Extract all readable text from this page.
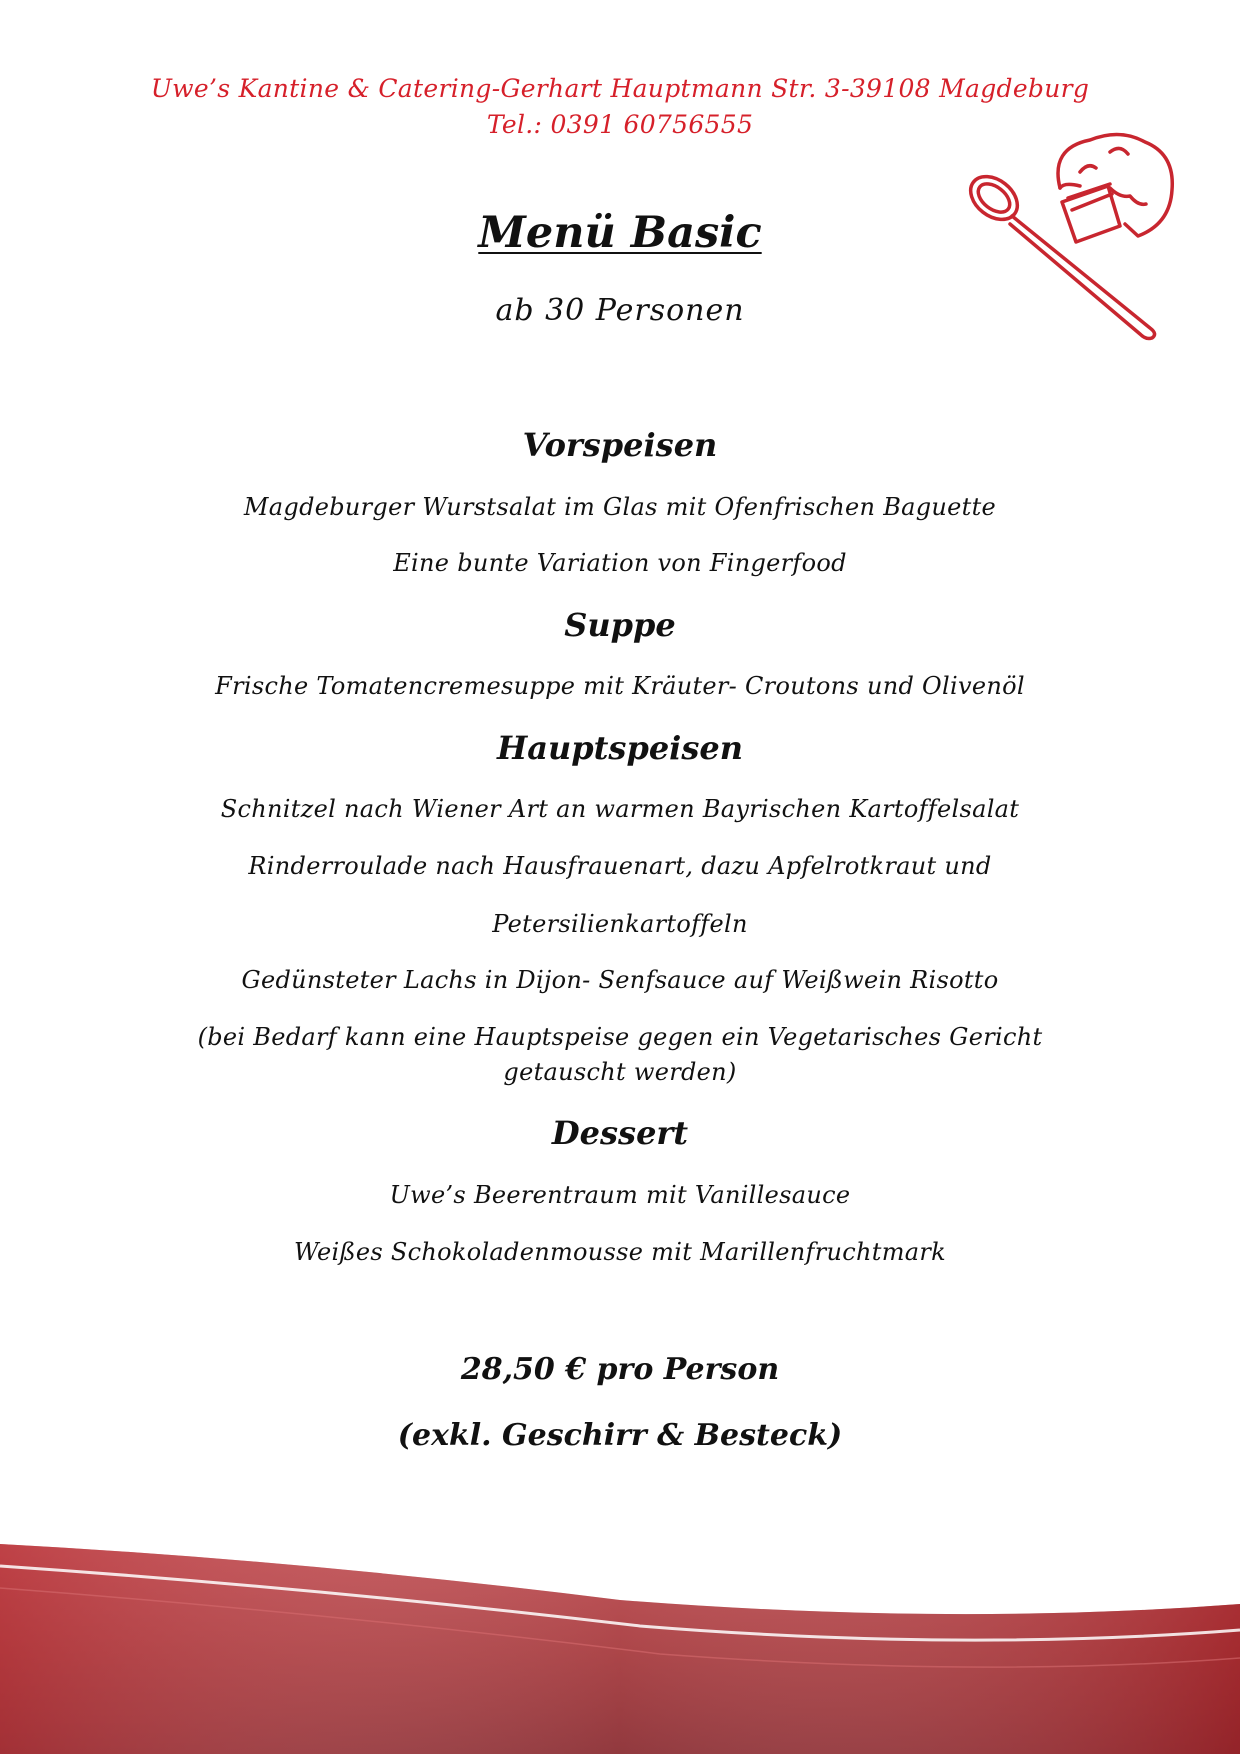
Uwe’s Kantine & Catering-Gerhart Hauptmann Str. 3-39108 Magdeburg
Tel.: 0391 60756555
Menü Basic
ab 30 Personen
Vorspeisen
Magdeburger Wurstsalat im Glas mit Ofenfrischen Baguette
Eine bunte Variation von Fingerfood
Suppe
Frische Tomatencremesuppe mit Kräuter- Croutons und Olivenöl
Hauptspeisen
Schnitzel nach Wiener Art an warmen Bayrischen Kartoffelsalat
Rinderroulade nach Hausfrauenart, dazu Apfelrotkraut und
Petersilienkartoffeln
Gedünsteter Lachs in Dijon- Senfsauce auf Weißwein Risotto
(bei Bedarf kann eine Hauptspeise gegen ein Vegetarisches Gericht getauscht werden)
Dessert
Uwe’s Beerentraum mit Vanillesauce
Weißes Schokoladenmousse mit Marillenfruchtmark
28,50 € pro Person
(exkl. Geschirr & Besteck)
